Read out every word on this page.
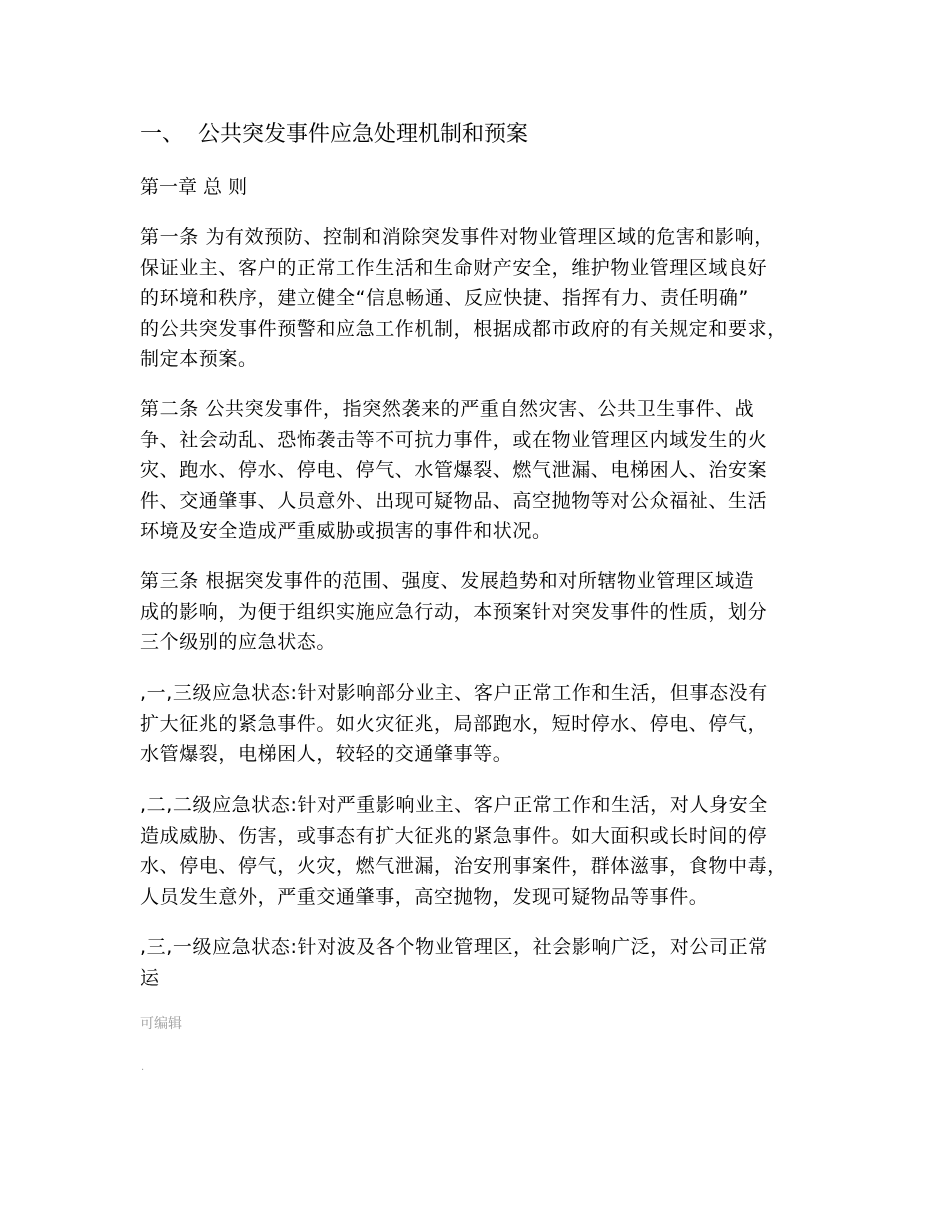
一、 公共突发事件应急处理机制和预案
第一章 总 则
第一条 为有效预防、控制和消除突发事件对物业管理区域的危害和影响，
保证业主、客户的正常工作生活和生命财产安全，维护物业管理区域良好
的环境和秩序，建立健全“信息畅通、反应快捷、指挥有力、责任明确”
的公共突发事件预警和应急工作机制，根据成都市政府的有关规定和要求，
制定本预案。
第二条 公共突发事件，指突然袭来的严重自然灾害、公共卫生事件、战
争、社会动乱、恐怖袭击等不可抗力事件，或在物业管理区内域发生的火
灾、跑水、停水、停电、停气、水管爆裂、燃气泄漏、电梯困人、治安案
件、交通肇事、人员意外、出现可疑物品、高空抛物等对公众福祉、生活
环境及安全造成严重威胁或损害的事件和状况。
第三条 根据突发事件的范围、强度、发展趋势和对所辖物业管理区域造
成的影响，为便于组织实施应急行动，本预案针对突发事件的性质，划分
三个级别的应急状态。
,一,三级应急状态:针对影响部分业主、客户正常工作和生活，但事态没有
扩大征兆的紧急事件。如火灾征兆，局部跑水，短时停水、停电、停气，
水管爆裂，电梯困人，较轻的交通肇事等。
,二,二级应急状态:针对严重影响业主、客户正常工作和生活，对人身安全
造成威胁、伤害，或事态有扩大征兆的紧急事件。如大面积或长时间的停
水、停电、停气，火灾，燃气泄漏，治安刑事案件，群体滋事，食物中毒，
人员发生意外，严重交通肇事，高空抛物，发现可疑物品等事件。
,三,一级应急状态:针对波及各个物业管理区，社会影响广泛，对公司正常
运
可编辑
.
